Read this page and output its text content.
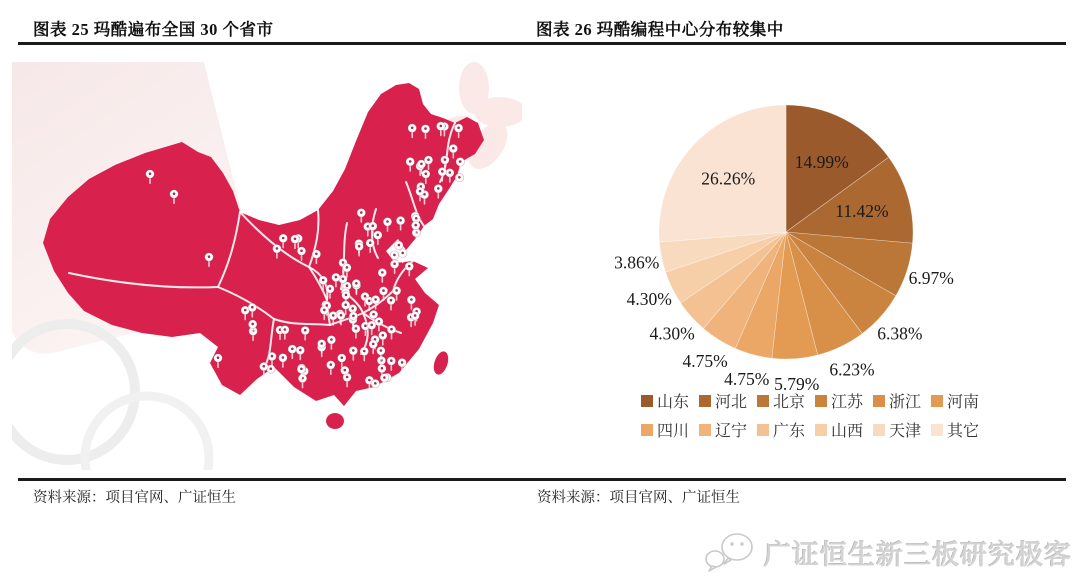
图表 25 玛酷遍布全国 30 个省市	图表 26 玛酷编程中心分布较集中
14.99%
11.42%
6.97%
6.38%
6.23%
5.79%
4.75%
4.75%
4.30%
4.30%
3.86%
26.26%
山东 河北 北京 江苏 浙江 河南
四川 辽宁 广东 山西 天津 其它
资料来源：项目官网、广证恒生	资料来源：项目官网、广证恒生
广证恒生新三板研究极客
